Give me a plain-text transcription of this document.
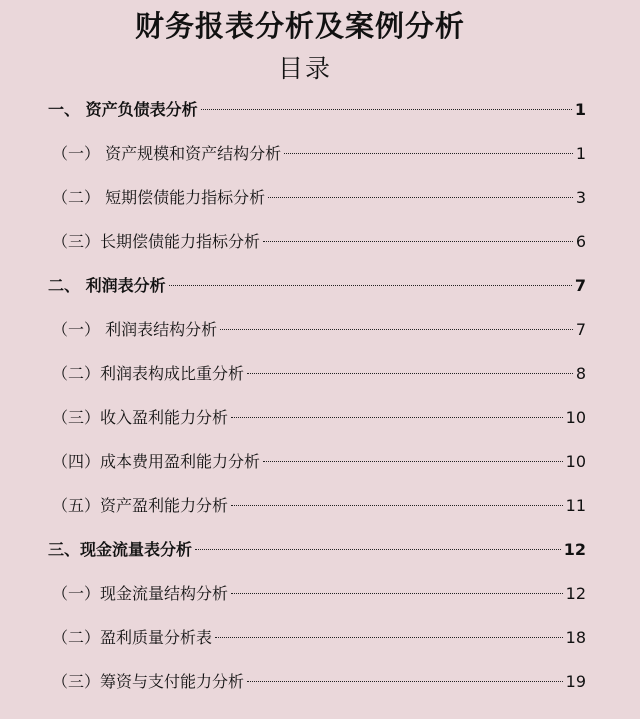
财务报表分析及案例分析
目录
一、 资产负债表分析	1
（一） 资产规模和资产结构分析	1
（二） 短期偿债能力指标分析	3
（三）长期偿债能力指标分析	6
二、 利润表分析	7
（一） 利润表结构分析	7
（二）利润表构成比重分析	8
（三）收入盈利能力分析	10
（四）成本费用盈利能力分析	10
（五）资产盈利能力分析	11
三、现金流量表分析	12
（一）现金流量结构分析	12
（二）盈利质量分析表	18
（三）筹资与支付能力分析	19
